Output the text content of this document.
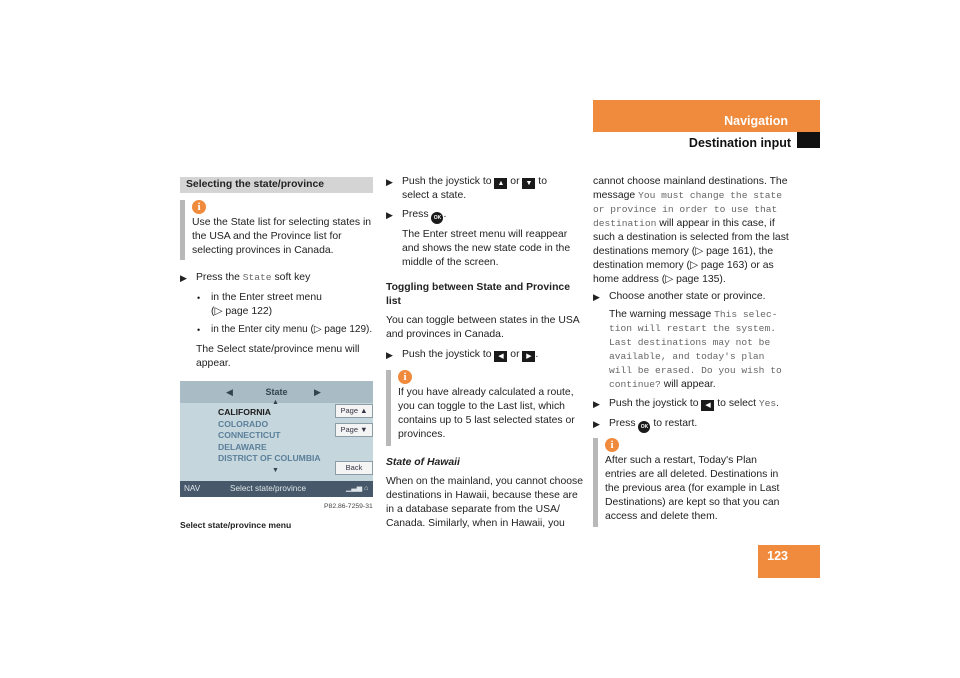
Navigation
Destination input
Selecting the state/province
i
Use the State list for selecting states in the USA and the Province list for selecting provinces in Canada.
▶ Press the State soft key
• in the Enter street menu
(▷ page 122)
• in the Enter city menu (▷ page 129).
The Select state/province menu will appear.
◀	State	▶
▲
CALIFORNIA
COLORADO
CONNECTICUT
DELAWARE
DISTRICT OF COLUMBIA
▼
Page ▲
Page ▼
Back
NAV	Select state/province	▁▃▅ ⌂
P82.86-7259-31
Select state/province menu
▶ Push the joystick to ▲ or ▼ to
select a state.
▶ Press OK .
The Enter street menu will reappear and shows the new state code in the middle of the screen.
Toggling between State and Province list
You can toggle between states in the USA and provinces in Canada.
▶ Push the joystick to ◀ or ▶ .
i
If you have already calculated a route, you can toggle to the Last list, which contains up to 5 last selected states or provinces.
State of Hawaii
When on the mainland, you cannot choose destinations in Hawaii, because these are in a database separate from the USA/ Canada. Similarly, when in Hawaii, you
cannot choose mainland destinations. The
message You must change the state or province in order to use that destination will appear in this case, if such a destination is selected from the last destinations memory (▷ page 161), the destination memory (▷ page 163) or as home address (▷ page 135).
▶ Choose another state or province.
The warning message This selec- tion will restart the system. Last destinations may not be available, and today's plan will be erased. Do you wish to continue? will appear.
▶ Push the joystick to ◀ to select Yes.
▶ Press OK to restart.
i
After such a restart, Today's Plan entries are all deleted. Destinations in the previous area (for example in Last Destinations) are kept so that you can access and delete them.
123
